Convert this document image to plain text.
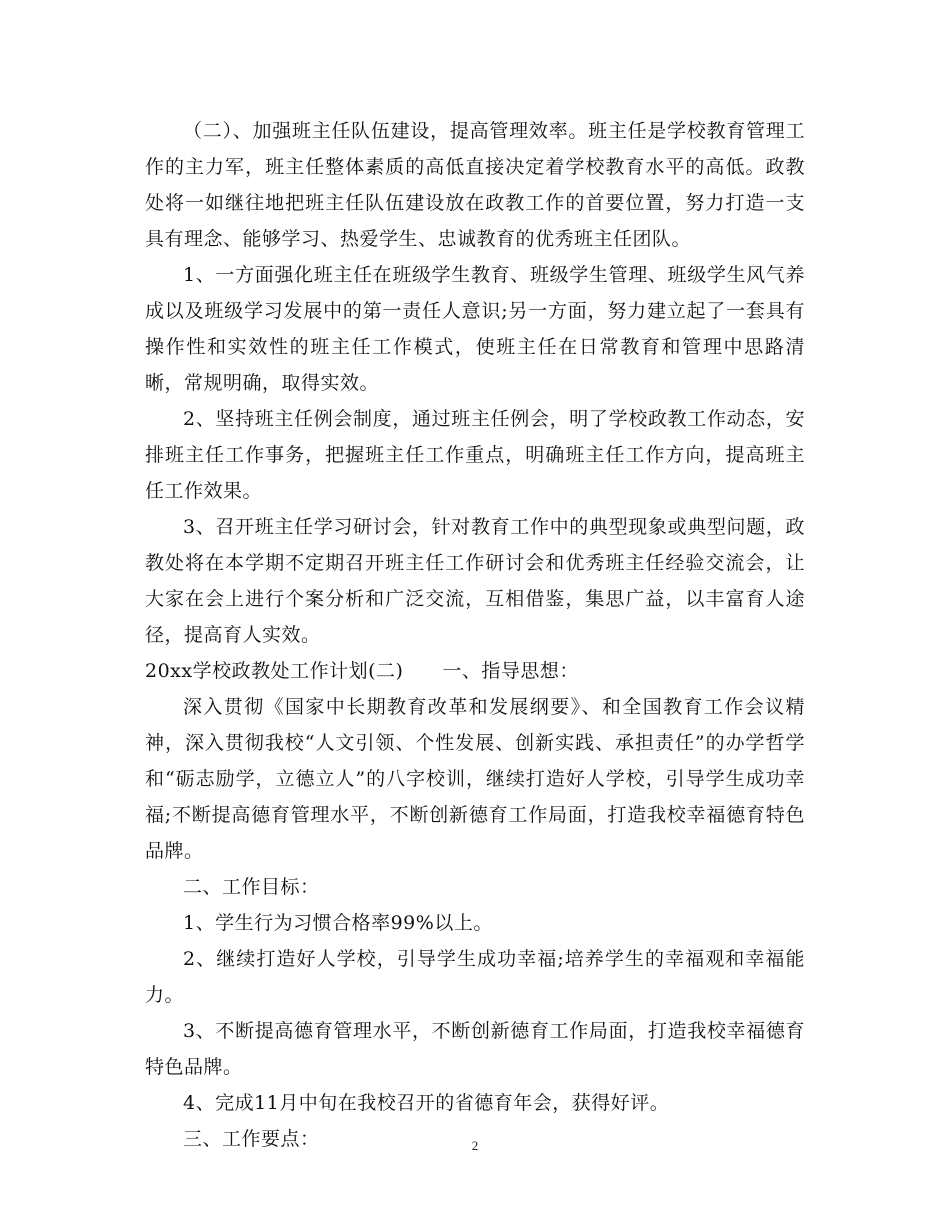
（二）、加强班主任队伍建设，提高管理效率。班主任是学校教育管理工作的主力军，班主任整体素质的高低直接决定着学校教育水平的高低。政教处将一如继往地把班主任队伍建设放在政教工作的首要位置，努力打造一支具有理念、能够学习、热爱学生、忠诚教育的优秀班主任团队。

1、一方面强化班主任在班级学生教育、班级学生管理、班级学生风气养成以及班级学习发展中的第一责任人意识;另一方面，努力建立起了一套具有操作性和实效性的班主任工作模式，使班主任在日常教育和管理中思路清晰，常规明确，取得实效。

2、坚持班主任例会制度，通过班主任例会，明了学校政教工作动态，安排班主任工作事务，把握班主任工作重点，明确班主任工作方向，提高班主任工作效果。

3、召开班主任学习研讨会，针对教育工作中的典型现象或典型问题，政教处将在本学期不定期召开班主任工作研讨会和优秀班主任经验交流会，让大家在会上进行个案分析和广泛交流，互相借鉴，集思广益，以丰富育人途径，提高育人实效。

20xx学校政教处工作计划(二)　　一、指导思想：

深入贯彻《国家中长期教育改革和发展纲要》、和全国教育工作会议精神，深入贯彻我校“人文引领、个性发展、创新实践、承担责任”的办学哲学和“砺志励学，立德立人”的八字校训，继续打造好人学校，引导学生成功幸福;不断提高德育管理水平，不断创新德育工作局面，打造我校幸福德育特色品牌。

二、工作目标：

1、学生行为习惯合格率99%以上。

2、继续打造好人学校，引导学生成功幸福;培养学生的幸福观和幸福能力。

3、不断提高德育管理水平，不断创新德育工作局面，打造我校幸福德育特色品牌。

4、完成11月中旬在我校召开的省德育年会，获得好评。

三、工作要点：	2
